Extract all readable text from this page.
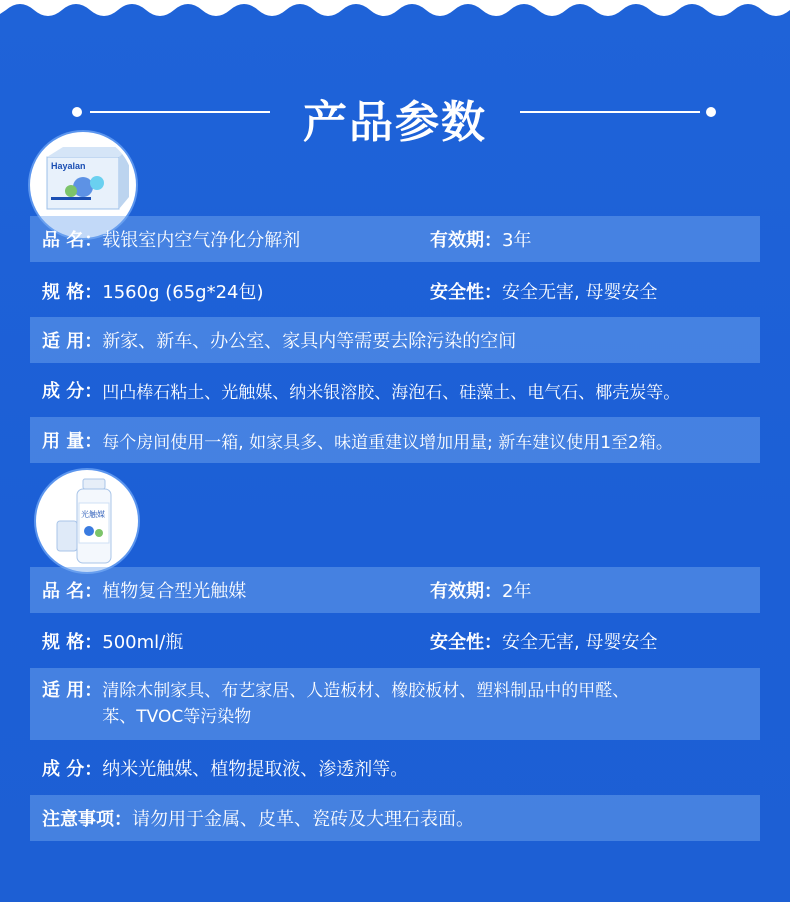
产品参数
Hayalan
品 名： 载银室内空气净化分解剂	有效期： 3年
规 格： 1560g (65g*24包)	安全性： 安全无害, 母婴安全
适 用： 新家、新车、办公室、家具内等需要去除污染的空间
成 分： 凹凸棒石粘土、光触媒、纳米银溶胶、海泡石、硅藻土、电气石、椰壳炭等。
用 量： 每个房间使用一箱, 如家具多、味道重建议增加用量; 新车建议使用1至2箱。
光触媒
品 名： 植物复合型光触媒	有效期： 2年
规 格： 500ml/瓶	安全性： 安全无害, 母婴安全
适 用： 清除木制家具、布艺家居、人造板材、橡胶板材、塑料制品中的甲醛、
苯、TVOC等污染物
成 分： 纳米光触媒、植物提取液、渗透剂等。
注意事项： 请勿用于金属、皮革、瓷砖及大理石表面。
